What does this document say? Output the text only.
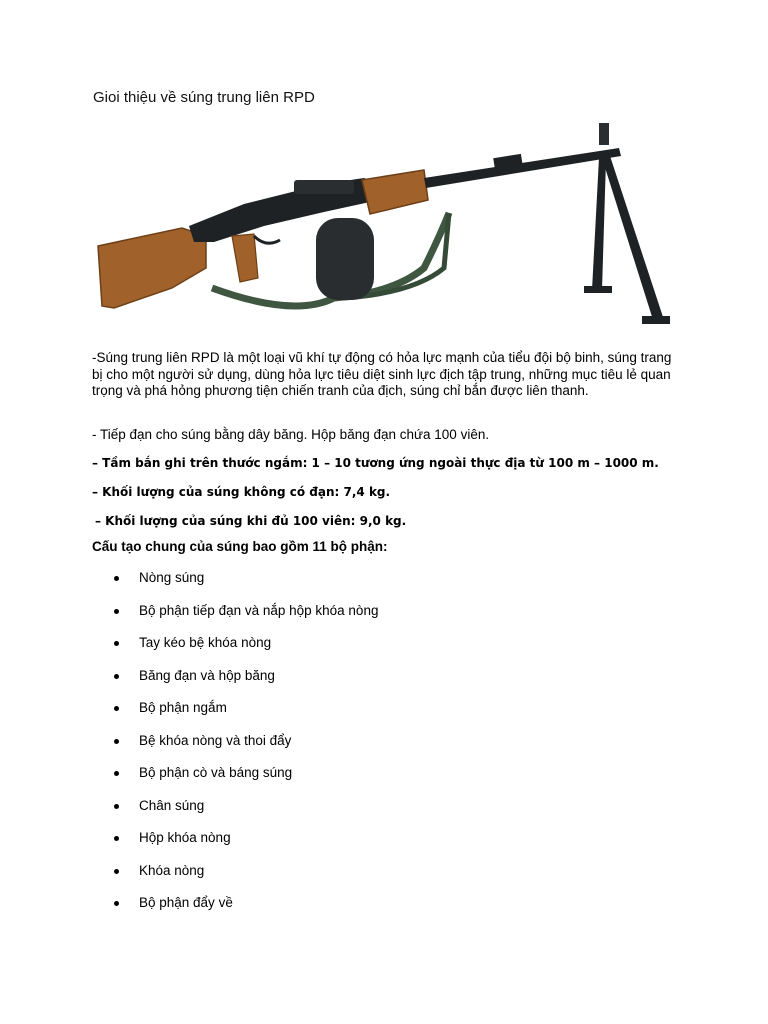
Gioi thiệu về súng trung liên RPD

-Súng trung liên RPD là một loại vũ khí tự động có hỏa lực mạnh của tiểu đội bộ binh, súng trang bị cho một người sử dụng, dùng hỏa lực tiêu diệt sinh lực địch tập trung, những mục tiêu lẻ quan trọng và phá hỏng phương tiện chiến tranh của địch, súng chỉ bắn được liên thanh.

- Tiếp đạn cho súng bằng dây băng. Hộp băng đạn chứa 100 viên.

– Tầm bắn ghi trên thước ngắm: 1 – 10 tương ứng ngoài thực địa từ 100 m – 1000 m.

– Khối lượng của súng không có đạn: 7,4 kg.

– Khối lượng của súng khi đủ 100 viên: 9,0 kg.

Cấu tạo chung của súng bao gồm 11 bộ phận:
Nòng súng
Bộ phận tiếp đạn và nắp hộp khóa nòng
Tay kéo bệ khóa nòng
Băng đạn và hộp băng
Bộ phận ngắm
Bệ khóa nòng và thoi đẩy
Bộ phận cò và báng súng
Chân súng
Hộp khóa nòng
Khóa nòng
Bộ phận đẩy về
